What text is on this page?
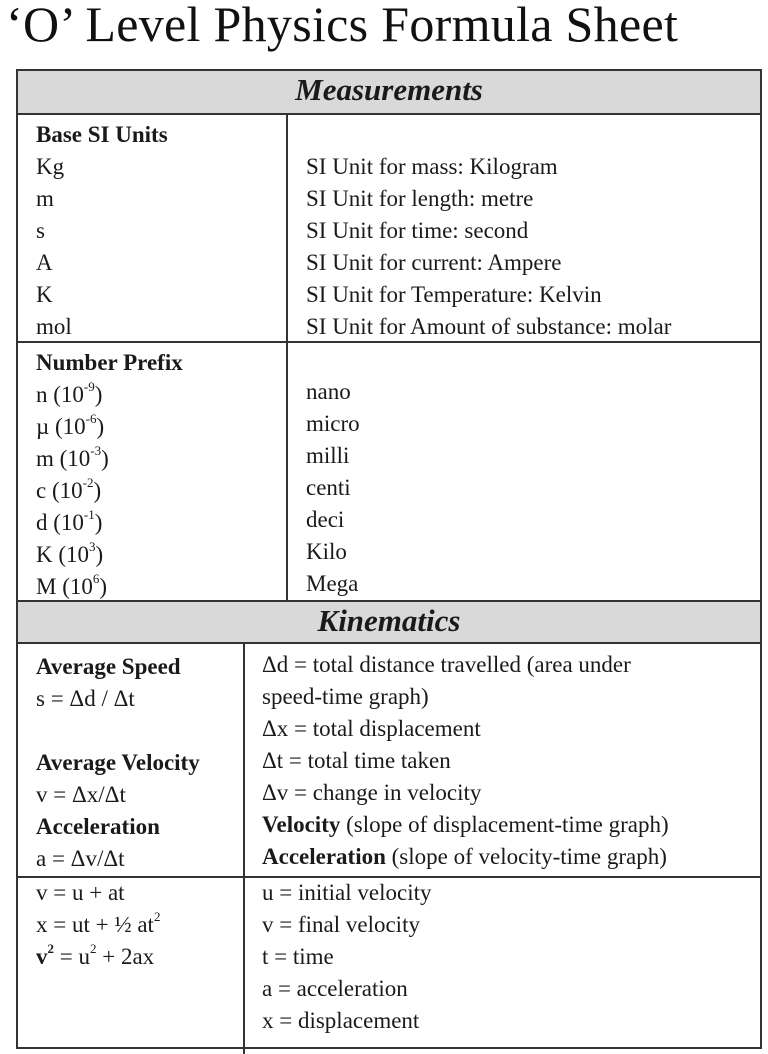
‘O’ Level Physics Formula Sheet
Measurements
Base SI Units
Kg
m
s
A
K
mol
SI Unit for mass: Kilogram
SI Unit for length: metre
SI Unit for time: second
SI Unit for current: Ampere
SI Unit for Temperature: Kelvin
SI Unit for Amount of substance: molar
Number Prefix
n $(10^{-9})$
µ $(10^{-6})$
m $(10^{-3})$
c $(10^{-2})$
d $(10^{-1})$
K $(10^3)$
M $(10^6)$
nano
micro
milli
centi
deci
Kilo
Mega
Kinematics
Average Speed
s = Δd / Δt
Average Velocity
v = Δx/Δt
Acceleration
a = Δv/Δt
Δd = total distance travelled (area under
speed-time graph)
Δx = total displacement
Δt = total time taken
Δv = change in velocity
Velocity (slope of displacement-time graph)
Acceleration (slope of velocity-time graph)
v = u + at
x = ut + ½ $at^2$
$v^2 = u^2 + 2ax$
u = initial velocity
v = final velocity
t = time
a = acceleration
x = displacement
